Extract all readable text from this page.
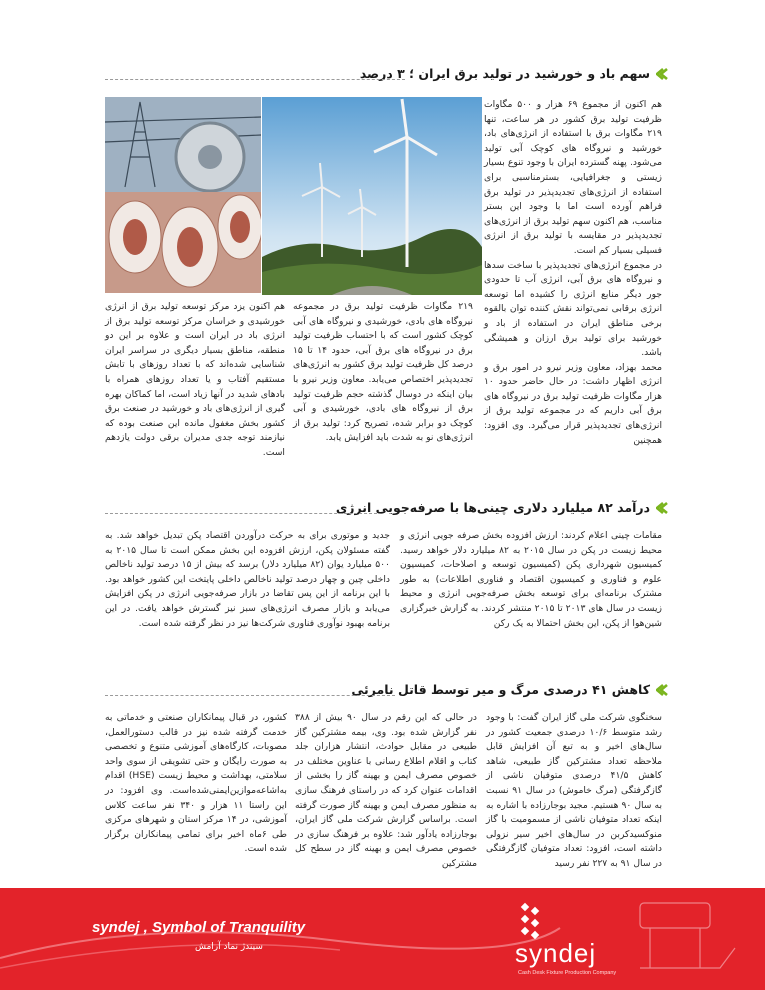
سهم باد و خورشید در تولید برق ایران ؛ ۳ درصد

هم اکنون از مجموع ۶۹ هزار و ۵۰۰ مگاوات ظرفیت تولید برق کشور در هر ساعت، تنها ۲۱۹ مگاوات برق با استفاده از انرژی‌های باد، خورشید و نیروگاه های کوچک آبی تولید می‌شود. پهنه گسترده ایران با وجود تنوع بسیار زیستی و جغرافیایی، بسترمناسبی برای استفاده از انرژی‌های تجدیدپذیر در تولید برق فراهم آورده است اما با وجود این بستر مناسب، هم اکنون سهم تولید برق از انرژی‌های تجدیدپذیر در مقایسه با تولید برق از انرژی فسیلی بسیار کم است.

در مجموع انرژی‌های تجدیدپذیر با ساخت سدها و نیروگاه های برق آبی، انرژی آب تا حدودی جور دیگر منابع انرژی را کشیده اما توسعه انرژی برقابی نمی‌تواند نقش کننده توان بالقوه برخی مناطق ایران در استفاده از باد و خورشید برای تولید برق ارزان و همیشگی باشد.

محمد بهزاد، معاون وزیر نیرو در امور برق و انرژی اظهار داشت: در حال حاضر حدود ۱۰ هزار مگاوات ظرفیت تولید برق در نیروگاه های برق آبی داریم که در مجموعه تولید برق از انرژی‌های تجدیدپذیر قرار می‌گیرد. وی افزود: همچنین

۲۱۹ مگاوات ظرفیت تولید برق در مجموعه نیروگاه های بادی، خورشیدی و نیروگاه های آبی کوچک کشور است که با احتساب ظرفیت تولید برق در نیروگاه های برق آبی، حدود ۱۴ تا ۱۵ درصد کل ظرفیت تولید برق کشور به انرژی‌های تجدیدپذیر اختصاص می‌یابد. معاون وزیر نیرو با بیان اینکه در دوسال گذشته حجم ظرفیت تولید برق از نیروگاه های بادی، خورشیدی و آبی کوچک دو برابر شده، تصریح کرد: تولید برق از انرژی‌های نو به شدت باید افزایش یابد.

هم اکنون یزد مرکز توسعه تولید برق از انرژی خورشیدی و خراسان مرکز توسعه تولید برق از انرژی باد در ایران است و علاوه بر این دو منطقه، مناطق بسیار دیگری در سراسر ایران شناسایی شده‌اند که با تعداد روزهای با تابش مستقیم آفتاب و یا تعداد روزهای همراه با بادهای شدید در آنها زیاد است، اما کماکان بهره گیری از انرژی‌های باد و خورشید در صنعت برق کشور بخش مغفول مانده این صنعت بوده که نیازمند توجه جدی مدیران برقی دولت یازدهم است.

درآمد ۸۲ میلیارد دلاری چینی‌ها با صرفه‌جویی انرژی

مقامات چینی اعلام کردند: ارزش افزوده بخش صرفه جویی انرژی و محیط زیست در پکن در سال ۲۰۱۵ به ۸۲ میلیارد دلار خواهد رسید. کمیسیون شهرداری پکن (کمیسیون توسعه و اصلاحات، کمیسیون علوم و فناوری و کمیسیون اقتصاد و فناوری اطلاعات) به طور مشترک برنامه‌ای برای توسعه بخش صرفه‌جویی انرژی و محیط زیست در سال های ۲۰۱۳ تا ۲۰۱۵ منتشر کردند. به گزارش خبرگزاری شین‌هوا از پکن، این بخش احتمالا به یک رکن

جدید و موتوری برای به حرکت درآوردن اقتصاد پکن تبدیل خواهد شد. به گفته مسئولان پکن، ارزش افزوده این بخش ممکن است تا سال ۲۰۱۵ به ۵۰۰ میلیارد یوان (۸۲ میلیارد دلار) برسد که بیش از ۱۵ درصد تولید ناخالص داخلی چین و چهار درصد تولید ناخالص داخلی پایتخت این کشور خواهد بود. با این برنامه از این پس تقاضا در بازار صرفه‌جویی انرژی در پکن افزایش می‌یابد و بازار مصرف انرژی‌های سبز نیز گسترش خواهد یافت. در این برنامه بهبود نوآوری فناوری شرکت‌ها نیز در نظر گرفته شده است.

کاهش ۴۱ درصدی مرگ و میر توسط قاتل نامرئی

سخنگوی شرکت ملی گاز ایران گفت: با وجود رشد متوسط ۱۰/۶ درصدی جمعیت کشور در سال‌های اخیر و به تبع آن افزایش قابل ملاحظه تعداد مشترکین گاز طبیعی، شاهد کاهش ۴۱/۵ درصدی متوفیان ناشی از گازگرفتگی (مرگ خاموش) در سال ۹۱ نسبت به سال ۹۰ هستیم. مجید بوجارزاده با اشاره به اینکه تعداد متوفیان ناشی از مسمومیت با گاز منوکسیدکربن در سال‌های اخیر سیر نزولی داشته است، افزود: تعداد متوفیان گازگرفتگی در سال ۹۱ به ۲۲۷ نفر رسید

در حالی که این رقم در سال ۹۰ بیش از ۳۸۸ نفر گزارش شده بود. وی، بیمه مشترکین گاز طبیعی در مقابل حوادث، انتشار هزاران جلد کتاب و اقلام اطلاع رسانی با عناوین مختلف در خصوص مصرف ایمن و بهینه گاز را بخشی از اقدامات عنوان کرد که در راستای فرهنگ سازی به منظور مصرف ایمن و بهینه گاز صورت گرفته است. براساس گزارش شرکت ملی گاز ایران، بوجارزاده یادآور شد: علاوه بر فرهنگ سازی در خصوص مصرف ایمن و بهینه گاز در سطح کل مشترکین

کشور، در قبال پیمانکاران صنعتی و خدماتی به خدمت گرفته شده نیز در قالب دستورالعمل، مصوبات، کارگاه‌های آموزشی متنوع و تخصصی به صورت رایگان و حتی تشویقی از سوی واحد سلامتی، بهداشت و محیط زیست (HSE) اقدام به‌اشاعه‌موازین‌ایمنی‌شده‌است. وی افزود: در این راستا ۱۱ هزار و ۳۴۰ نفر ساعت کلاس آموزشی، در ۱۴ مرکز استان و شهرهای مرکزی طی ۶ماه اخیر برای تمامی پیمانکاران برگزار شده است.

syndej , Symbol of Tranquility
سیندژ نماد آرامش	syndej
Cash Desk Fixture Production Company
